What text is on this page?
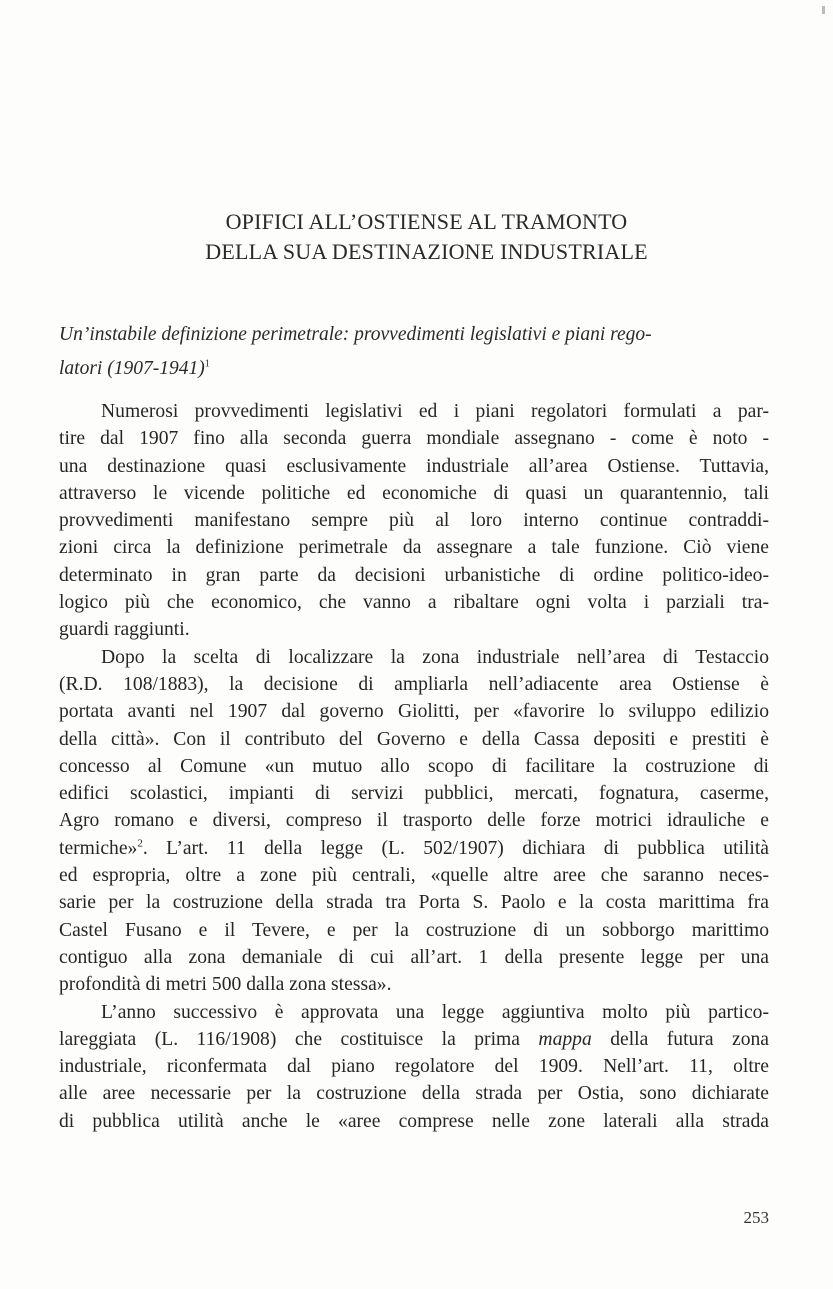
OPIFICI ALL’OSTIENSE AL TRAMONTO
DELLA SUA DESTINAZIONE INDUSTRIALE
Un’instabile definizione perimetrale: provvedimenti legislativi e piani rego-
latori (1907-1941)$^1$
Numerosi provvedimenti legislativi ed i piani regolatori formulati a par-
tire dal 1907 fino alla seconda guerra mondiale assegnano - come è noto -
una destinazione quasi esclusivamente industriale all’area Ostiense. Tuttavia,
attraverso le vicende politiche ed economiche di quasi un quarantennio, tali
provvedimenti manifestano sempre più al loro interno continue contraddi-
zioni circa la definizione perimetrale da assegnare a tale funzione. Ciò viene
determinato in gran parte da decisioni urbanistiche di ordine politico-ideo-
logico più che economico, che vanno a ribaltare ogni volta i parziali tra-
guardi raggiunti.
Dopo la scelta di localizzare la zona industriale nell’area di Testaccio
(R.D. 108/1883), la decisione di ampliarla nell’adiacente area Ostiense è
portata avanti nel 1907 dal governo Giolitti, per «favorire lo sviluppo edilizio
della città». Con il contributo del Governo e della Cassa depositi e prestiti è
concesso al Comune «un mutuo allo scopo di facilitare la costruzione di
edifici scolastici, impianti di servizi pubblici, mercati, fognatura, caserme,
Agro romano e diversi, compreso il trasporto delle forze motrici idrauliche e
termiche»$^2$. L’art. 11 della legge (L. 502/1907) dichiara di pubblica utilità
ed espropria, oltre a zone più centrali, «quelle altre aree che saranno neces-
sarie per la costruzione della strada tra Porta S. Paolo e la costa marittima fra
Castel Fusano e il Tevere, e per la costruzione di un sobborgo marittimo
contiguo alla zona demaniale di cui all’art. 1 della presente legge per una
profondità di metri 500 dalla zona stessa».
L’anno successivo è approvata una legge aggiuntiva molto più partico-
lareggiata (L. 116/1908) che costituisce la prima mappa della futura zona
industriale, riconfermata dal piano regolatore del 1909. Nell’art. 11, oltre
alle aree necessarie per la costruzione della strada per Ostia, sono dichiarate
di pubblica utilità anche le «aree comprese nelle zone laterali alla strada
253
